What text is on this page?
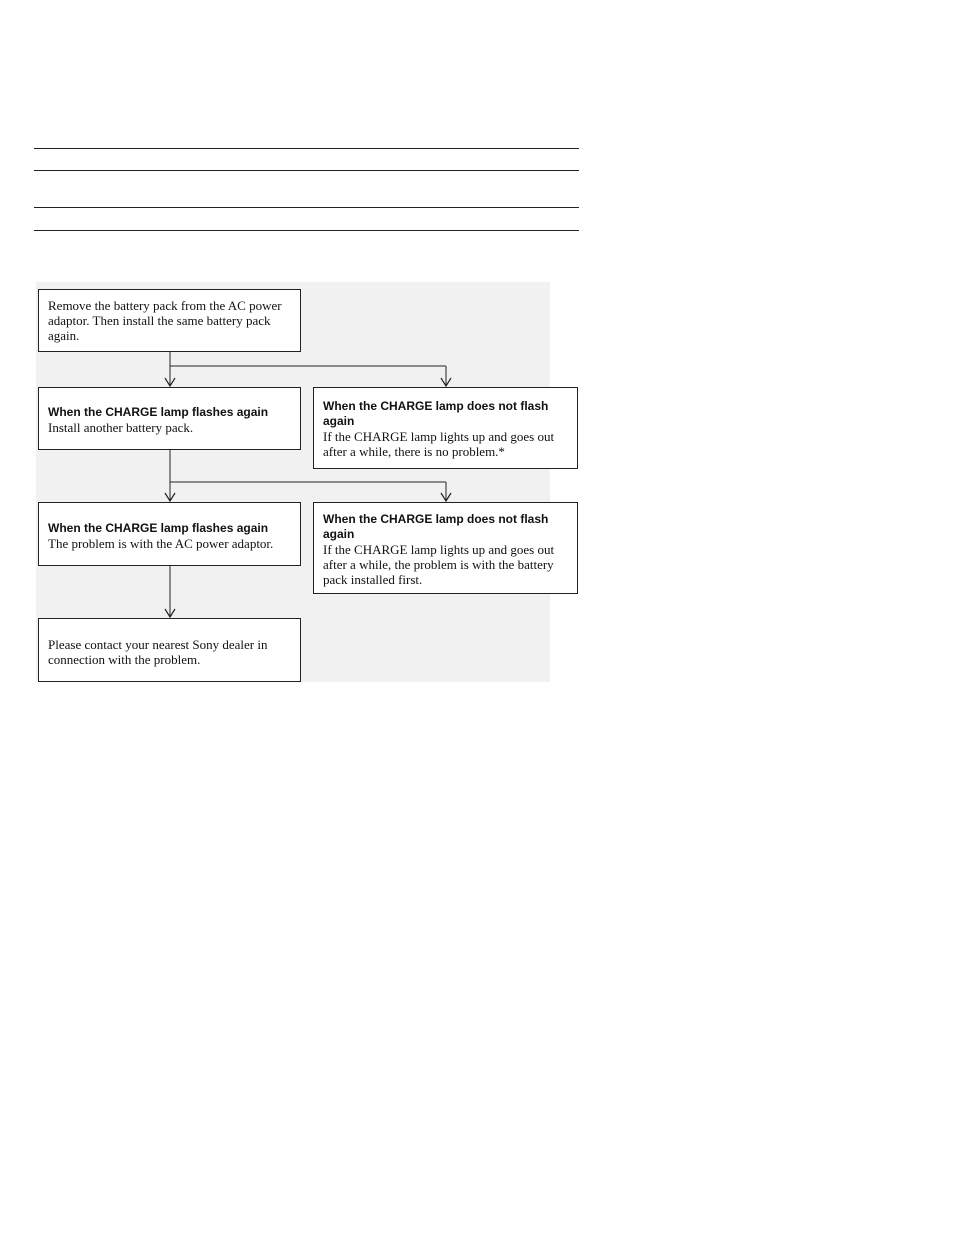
Remove the battery pack from the AC power adaptor. Then install the same battery pack again.
When the CHARGE lamp flashes again
Install another battery pack.
When the CHARGE lamp does not flash again
If the CHARGE lamp lights up and goes out after a while, there is no problem.*
When the CHARGE lamp flashes again
The problem is with the AC power adaptor.
When the CHARGE lamp does not flash again
If the CHARGE lamp lights up and goes out after a while, the problem is with the battery pack installed first.
Please contact your nearest Sony dealer in connection with the problem.
